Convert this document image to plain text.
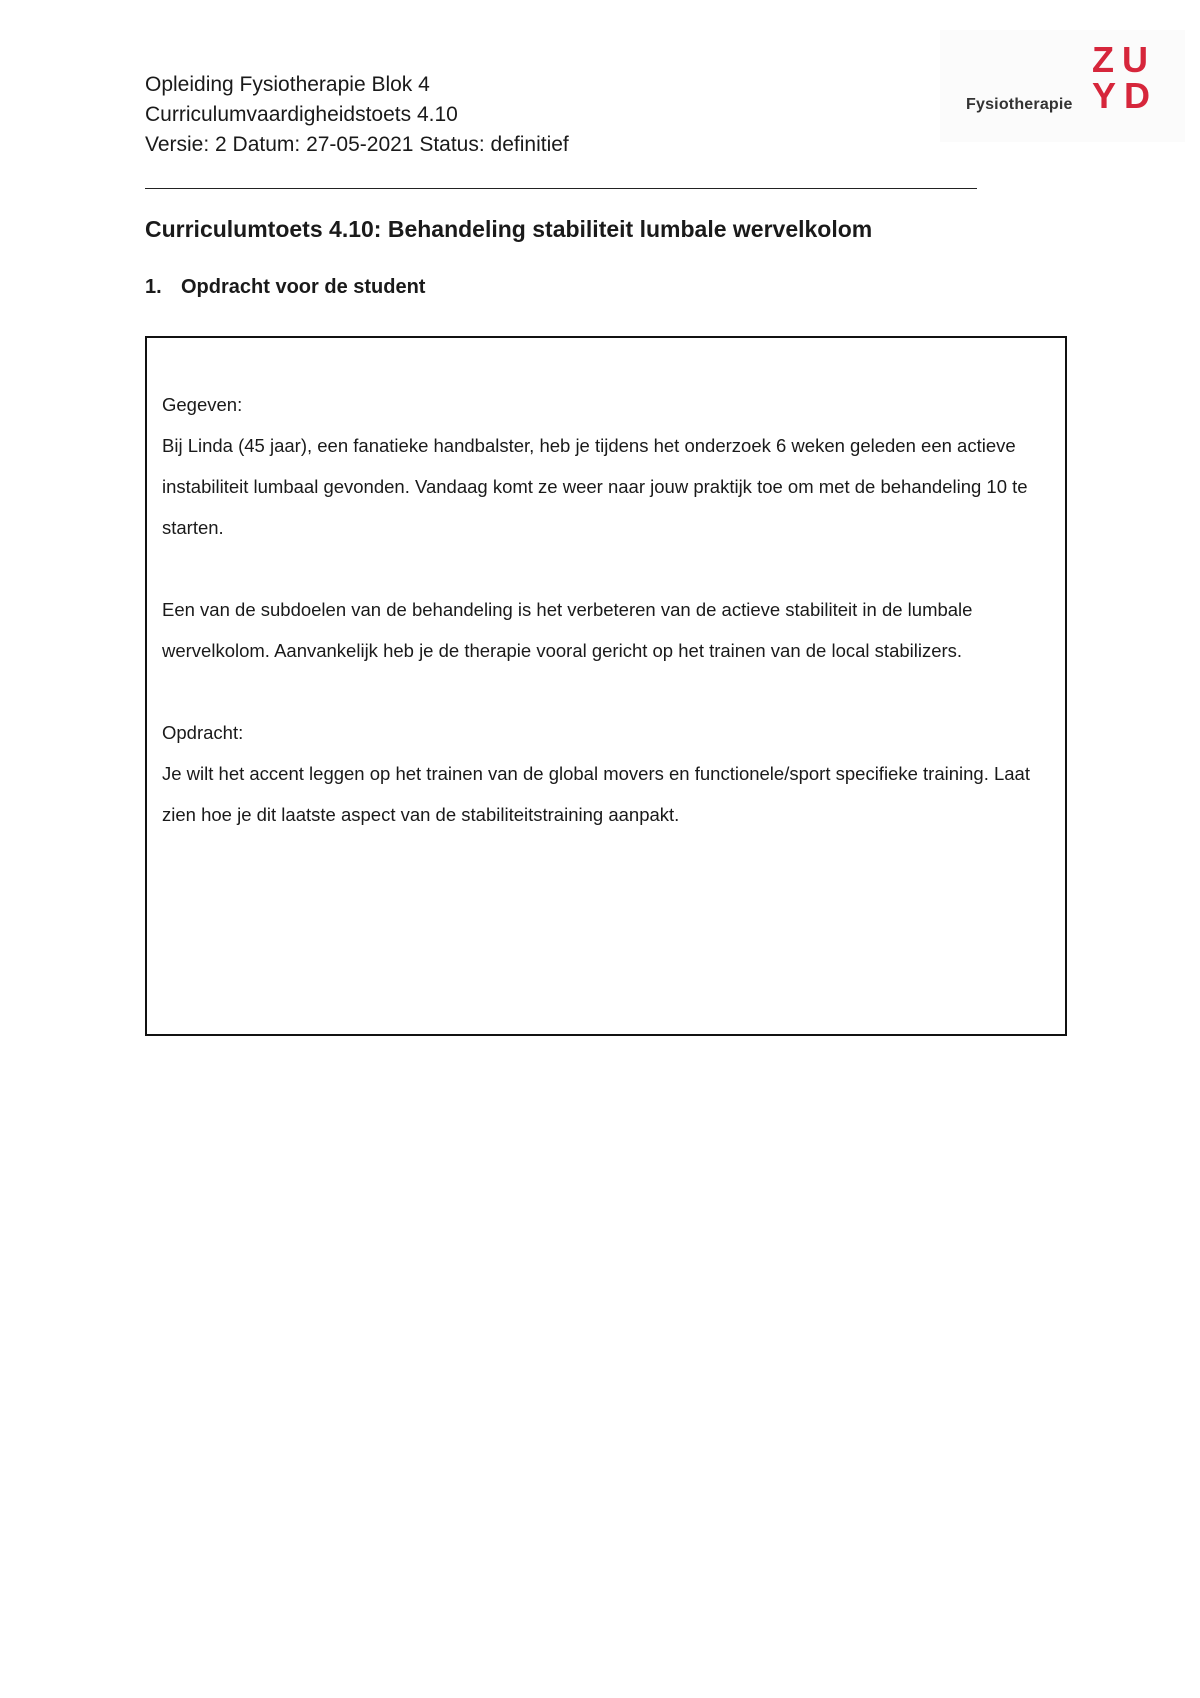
Opleiding Fysiotherapie Blok 4
Curriculumvaardigheidstoets 4.10
Versie: 2 Datum: 27-05-2021 Status: definitief
Fysiotherapie
ZU
YD
Curriculumtoets 4.10: Behandeling stabiliteit lumbale wervelkolom
1. Opdracht voor de student

Gegeven:

Bij Linda (45 jaar), een fanatieke handbalster, heb je tijdens het onderzoek 6 weken geleden een actieve instabiliteit lumbaal gevonden. Vandaag komt ze weer naar jouw praktijk toe om met de behandeling 10 te starten.

Een van de subdoelen van de behandeling is het verbeteren van de actieve stabiliteit in de lumbale wervelkolom. Aanvankelijk heb je de therapie vooral gericht op het trainen van de local stabilizers.

Opdracht:

Je wilt het accent leggen op het trainen van de global movers en functionele/sport specifieke training. Laat zien hoe je dit laatste aspect van de stabiliteitstraining aanpakt.
